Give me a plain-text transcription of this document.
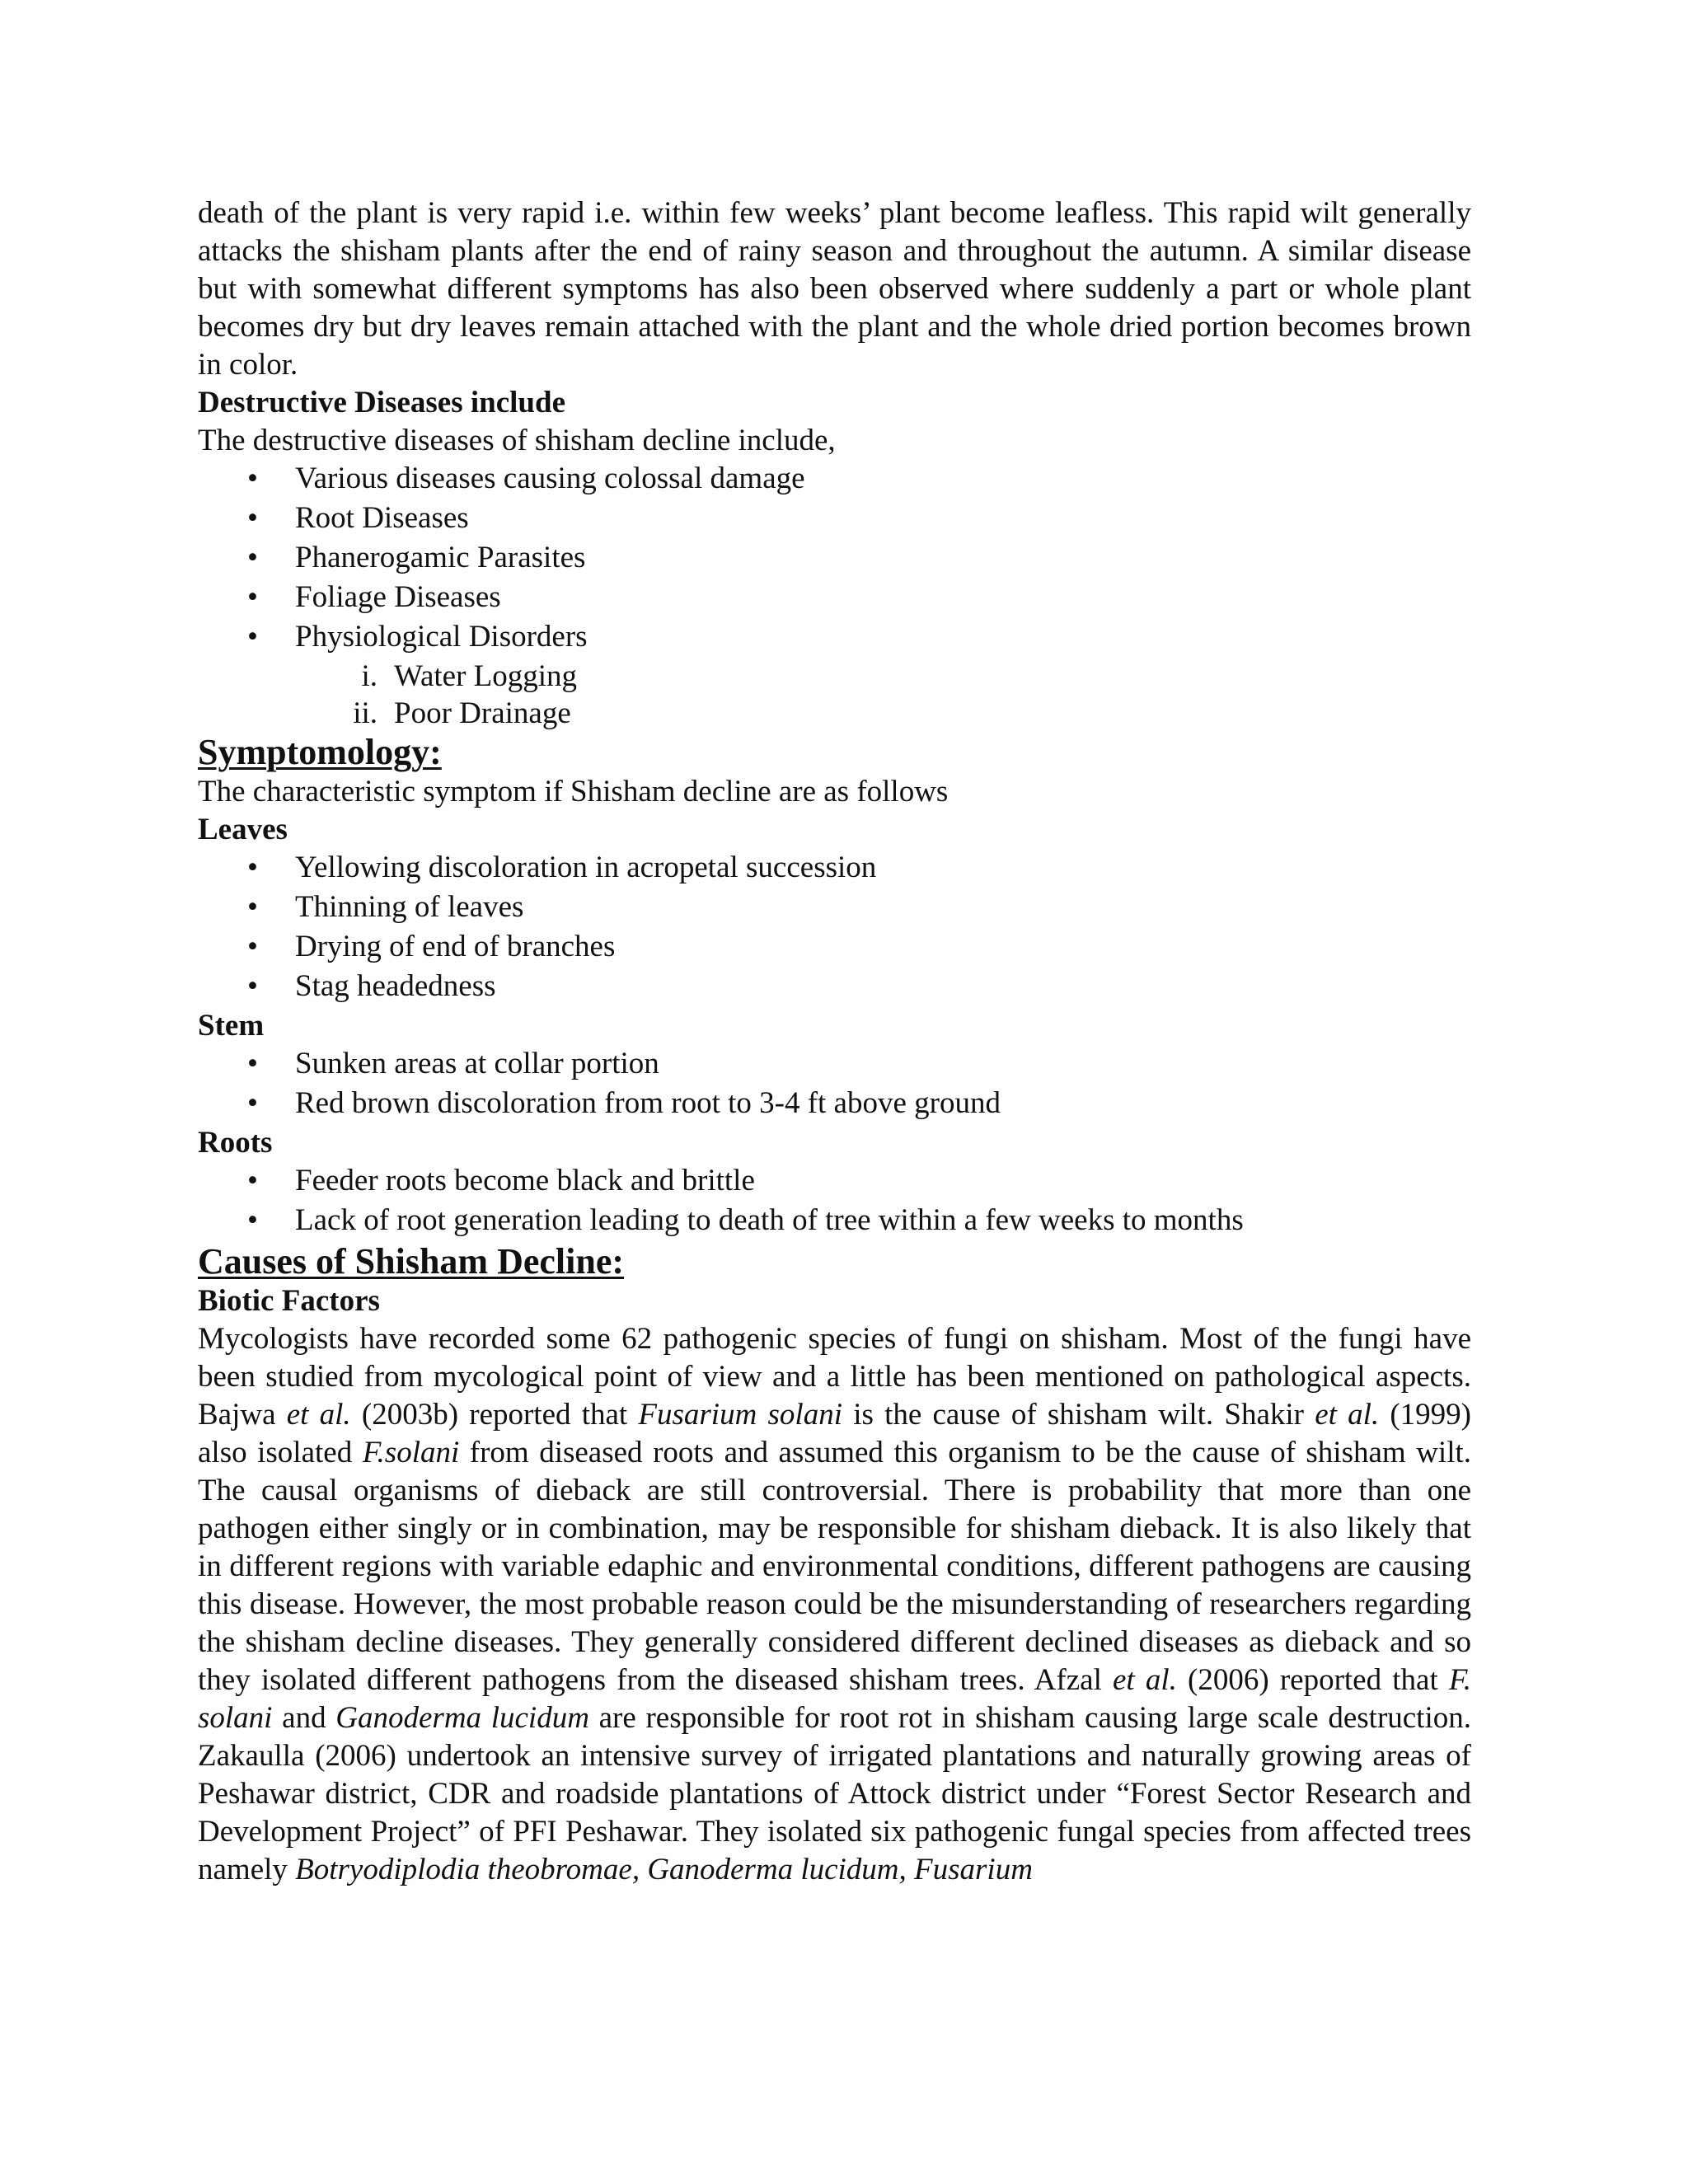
death of the plant is very rapid i.e. within few weeks’ plant become leafless. This rapid wilt generally attacks the shisham plants after the end of rainy season and throughout the autumn. A similar disease but with somewhat different symptoms has also been observed where suddenly a part or whole plant becomes dry but dry leaves remain attached with the plant and the whole dried portion becomes brown in color.

Destructive Diseases include
The destructive diseases of shisham decline include,
• Various diseases causing colossal damage
• Root Diseases
• Phanerogamic Parasites
• Foliage Diseases
• Physiological Disorders
i. Water Logging
ii. Poor Drainage
Symptomology:
The characteristic symptom if Shisham decline are as follows
Leaves
• Yellowing discoloration in acropetal succession
• Thinning of leaves
• Drying of end of branches
• Stag headedness
Stem
• Sunken areas at collar portion
• Red brown discoloration from root to 3-4 ft above ground
Roots
• Feeder roots become black and brittle
• Lack of root generation leading to death of tree within a few weeks to months
Causes of Shisham Decline:
Biotic Factors

Mycologists have recorded some 62 pathogenic species of fungi on shisham. Most of the fungi have been studied from mycological point of view and a little has been mentioned on pathological aspects. Bajwa et al. (2003b) reported that Fusarium solani is the cause of shisham wilt. Shakir et al. (1999) also isolated F.solani from diseased roots and assumed this organism to be the cause of shisham wilt. The causal organisms of dieback are still controversial. There is probability that more than one pathogen either singly or in combination, may be responsible for shisham dieback. It is also likely that in different regions with variable edaphic and environmental conditions, different pathogens are causing this disease. However, the most probable reason could be the misunderstanding of researchers regarding the shisham decline diseases. They generally considered different declined diseases as dieback and so they isolated different pathogens from the diseased shisham trees. Afzal et al. (2006) reported that F. solani and Ganoderma lucidum are responsible for root rot in shisham causing large scale destruction. Zakaulla (2006) undertook an intensive survey of irrigated plantations and naturally growing areas of Peshawar district, CDR and roadside plantations of Attock district under “Forest Sector Research and Development Project” of PFI Peshawar. They isolated six pathogenic fungal species from affected trees namely Botryodiplodia theobromae, Ganoderma lucidum, Fusarium
